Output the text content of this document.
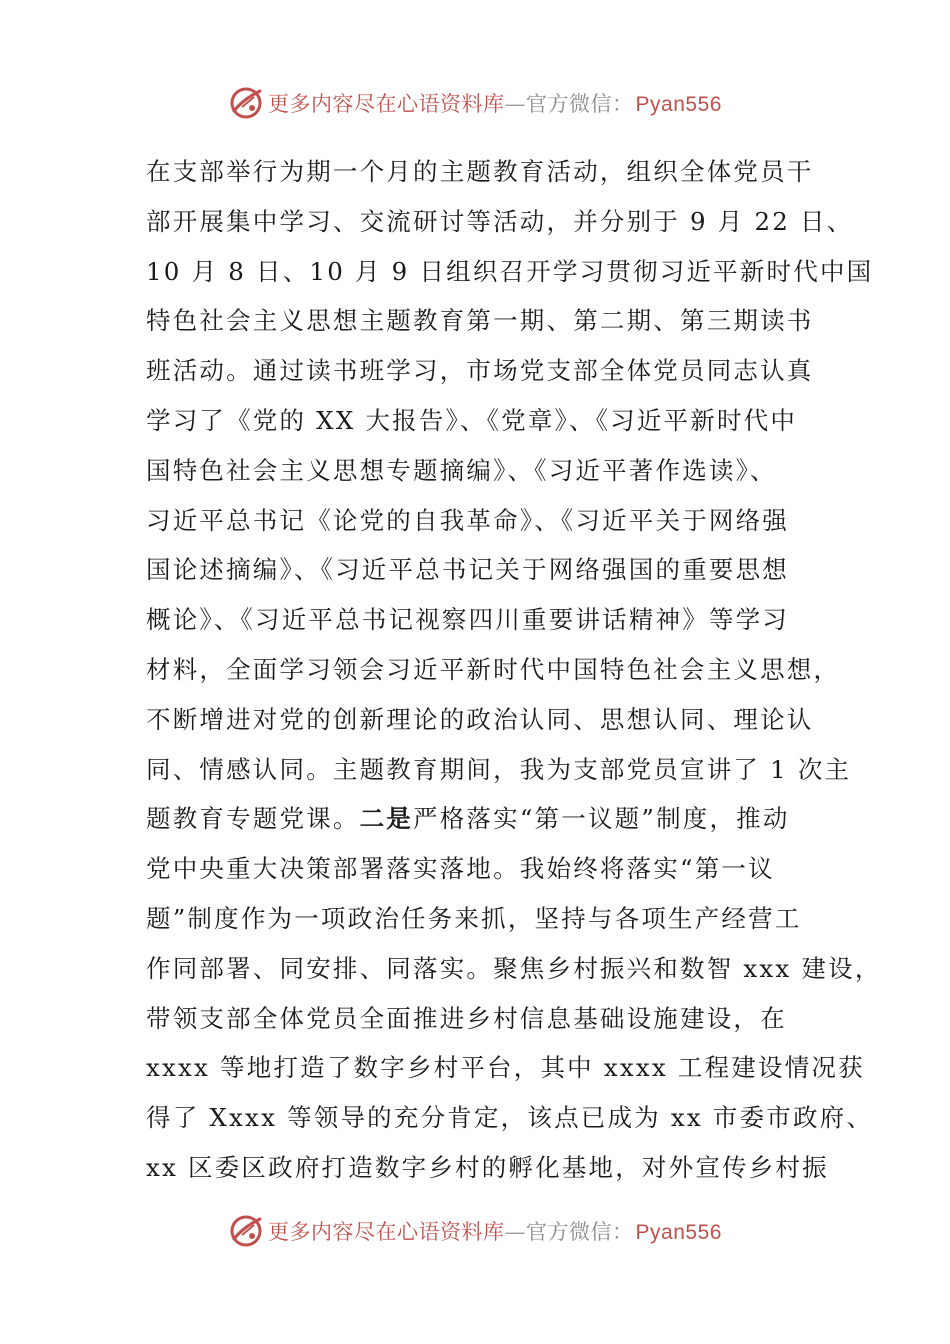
更多内容尽在心语资料库—官方微信：Pyan556
在支部举行为期一个月的主题教育活动，组织全体党员干
部开展集中学习、交流研讨等活动，并分别于 9 月 22 日、
10 月 8 日、10 月 9 日组织召开学习贯彻习近平新时代中国
特色社会主义思想主题教育第一期、第二期、第三期读书
班活动。通过读书班学习，市场党支部全体党员同志认真
学习了《党的 XX 大报告》、《党章》、《习近平新时代中
国特色社会主义思想专题摘编》、《习近平著作选读》、
习近平总书记《论党的自我革命》、《习近平关于网络强
国论述摘编》、《习近平总书记关于网络强国的重要思想
概论》、《习近平总书记视察四川重要讲话精神》等学习
材料，全面学习领会习近平新时代中国特色社会主义思想，
不断增进对党的创新理论的政治认同、思想认同、理论认
同、情感认同。主题教育期间，我为支部党员宣讲了 1 次主
题教育专题党课。二是严格落实“第一议题”制度，推动
党中央重大决策部署落实落地。我始终将落实“第一议
题”制度作为一项政治任务来抓，坚持与各项生产经营工
作同部署、同安排、同落实。聚焦乡村振兴和数智 xxx 建设，
带领支部全体党员全面推进乡村信息基础设施建设，在
xxxx 等地打造了数字乡村平台，其中 xxxx 工程建设情况获
得了 Xxxx 等领导的充分肯定，该点已成为 xx 市委市政府、
xx 区委区政府打造数字乡村的孵化基地，对外宣传乡村振
更多内容尽在心语资料库—官方微信：Pyan556
